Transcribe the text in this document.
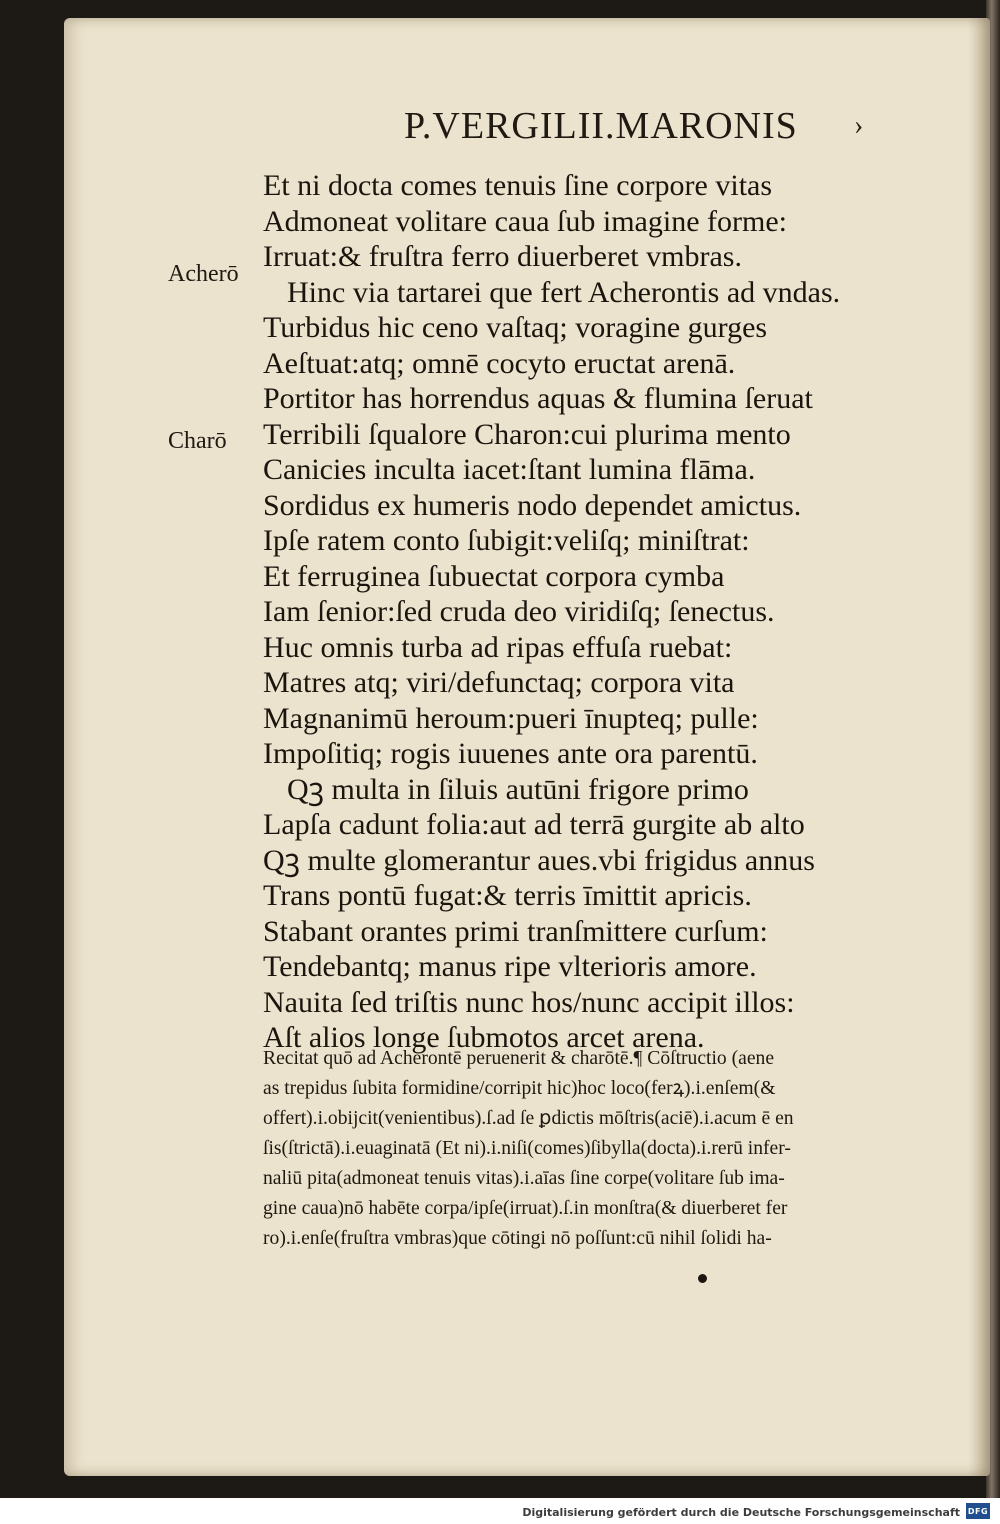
P.VERGILII.MARONIS ›
Acherō
Charō
Et ni docta comes tenuis ſine corpore vitas
Admoneat volitare caua ſub imagine forme:
Irruat:& fruſtra ferro diuerberet vmbras.
Hinc via tartarei que fert Acherontis ad vndas.
Turbidus hic ceno vaſtaq; voragine gurges
Aeſtuat:atq; omnē cocyto eructat arenā.
Portitor has horrendus aquas & flumina ſeruat
Terribili ſqualore Charon:cui plurima mento
Canicies inculta iacet:ſtant lumina flāma.
Sordidus ex humeris nodo dependet amictus.
Ipſe ratem conto ſubigit:veliſq; miniſtrat:
Et ferruginea ſubuectat corpora cymba
Iam ſenior:ſed cruda deo viridiſq; ſenectus.
Huc omnis turba ad ripas effuſa ruebat:
Matres atq; viri/defunctaq; corpora vita
Magnanimū heroum:pueri īnupteq; pulle:
Impoſitiq; rogis iuuenes ante ora parentū.
Qꝫ multa in ſiluis autūni frigore primo
Lapſa cadunt folia:aut ad terrā gurgite ab alto
Qꝫ multe glomerantur aues.vbi frigidus annus
Trans pontū fugat:& terris īmittit apricis.
Stabant orantes primi tranſmittere curſum:
Tendebantq; manus ripe vlterioris amore.
Nauita ſed triſtis nunc hos/nunc accipit illos:
Aſt alios longe ſubmotos arcet arena.
Recitat quō ad Acherontē peruenerit & charōtē.¶ Cōſtructio (aene
as trepidus ſubita formidine/corripit hic)hoc loco(ferꝝ).i.enſem(&
offert).i.obijcit(venientibus).ſ.ad ſe ꝑdictis mōſtris(aciē).i.acum ē en
ſis(ſtrictā).i.euaginatā (Et ni).i.niſi(comes)ſibylla(docta).i.rerū infer-
naliū pita(admoneat tenuis vitas).i.aīas ſine corpe(volitare ſub ima-
gine caua)nō habēte corpa/ipſe(irruat).ſ.in monſtra(& diuerberet fer
ro).i.enſe(fruſtra vmbras)que cōtingi nō poſſunt:cū nihil ſolidi ha-
Digitalisierung gefördert durch die Deutsche Forschungsgemeinschaft DFG
